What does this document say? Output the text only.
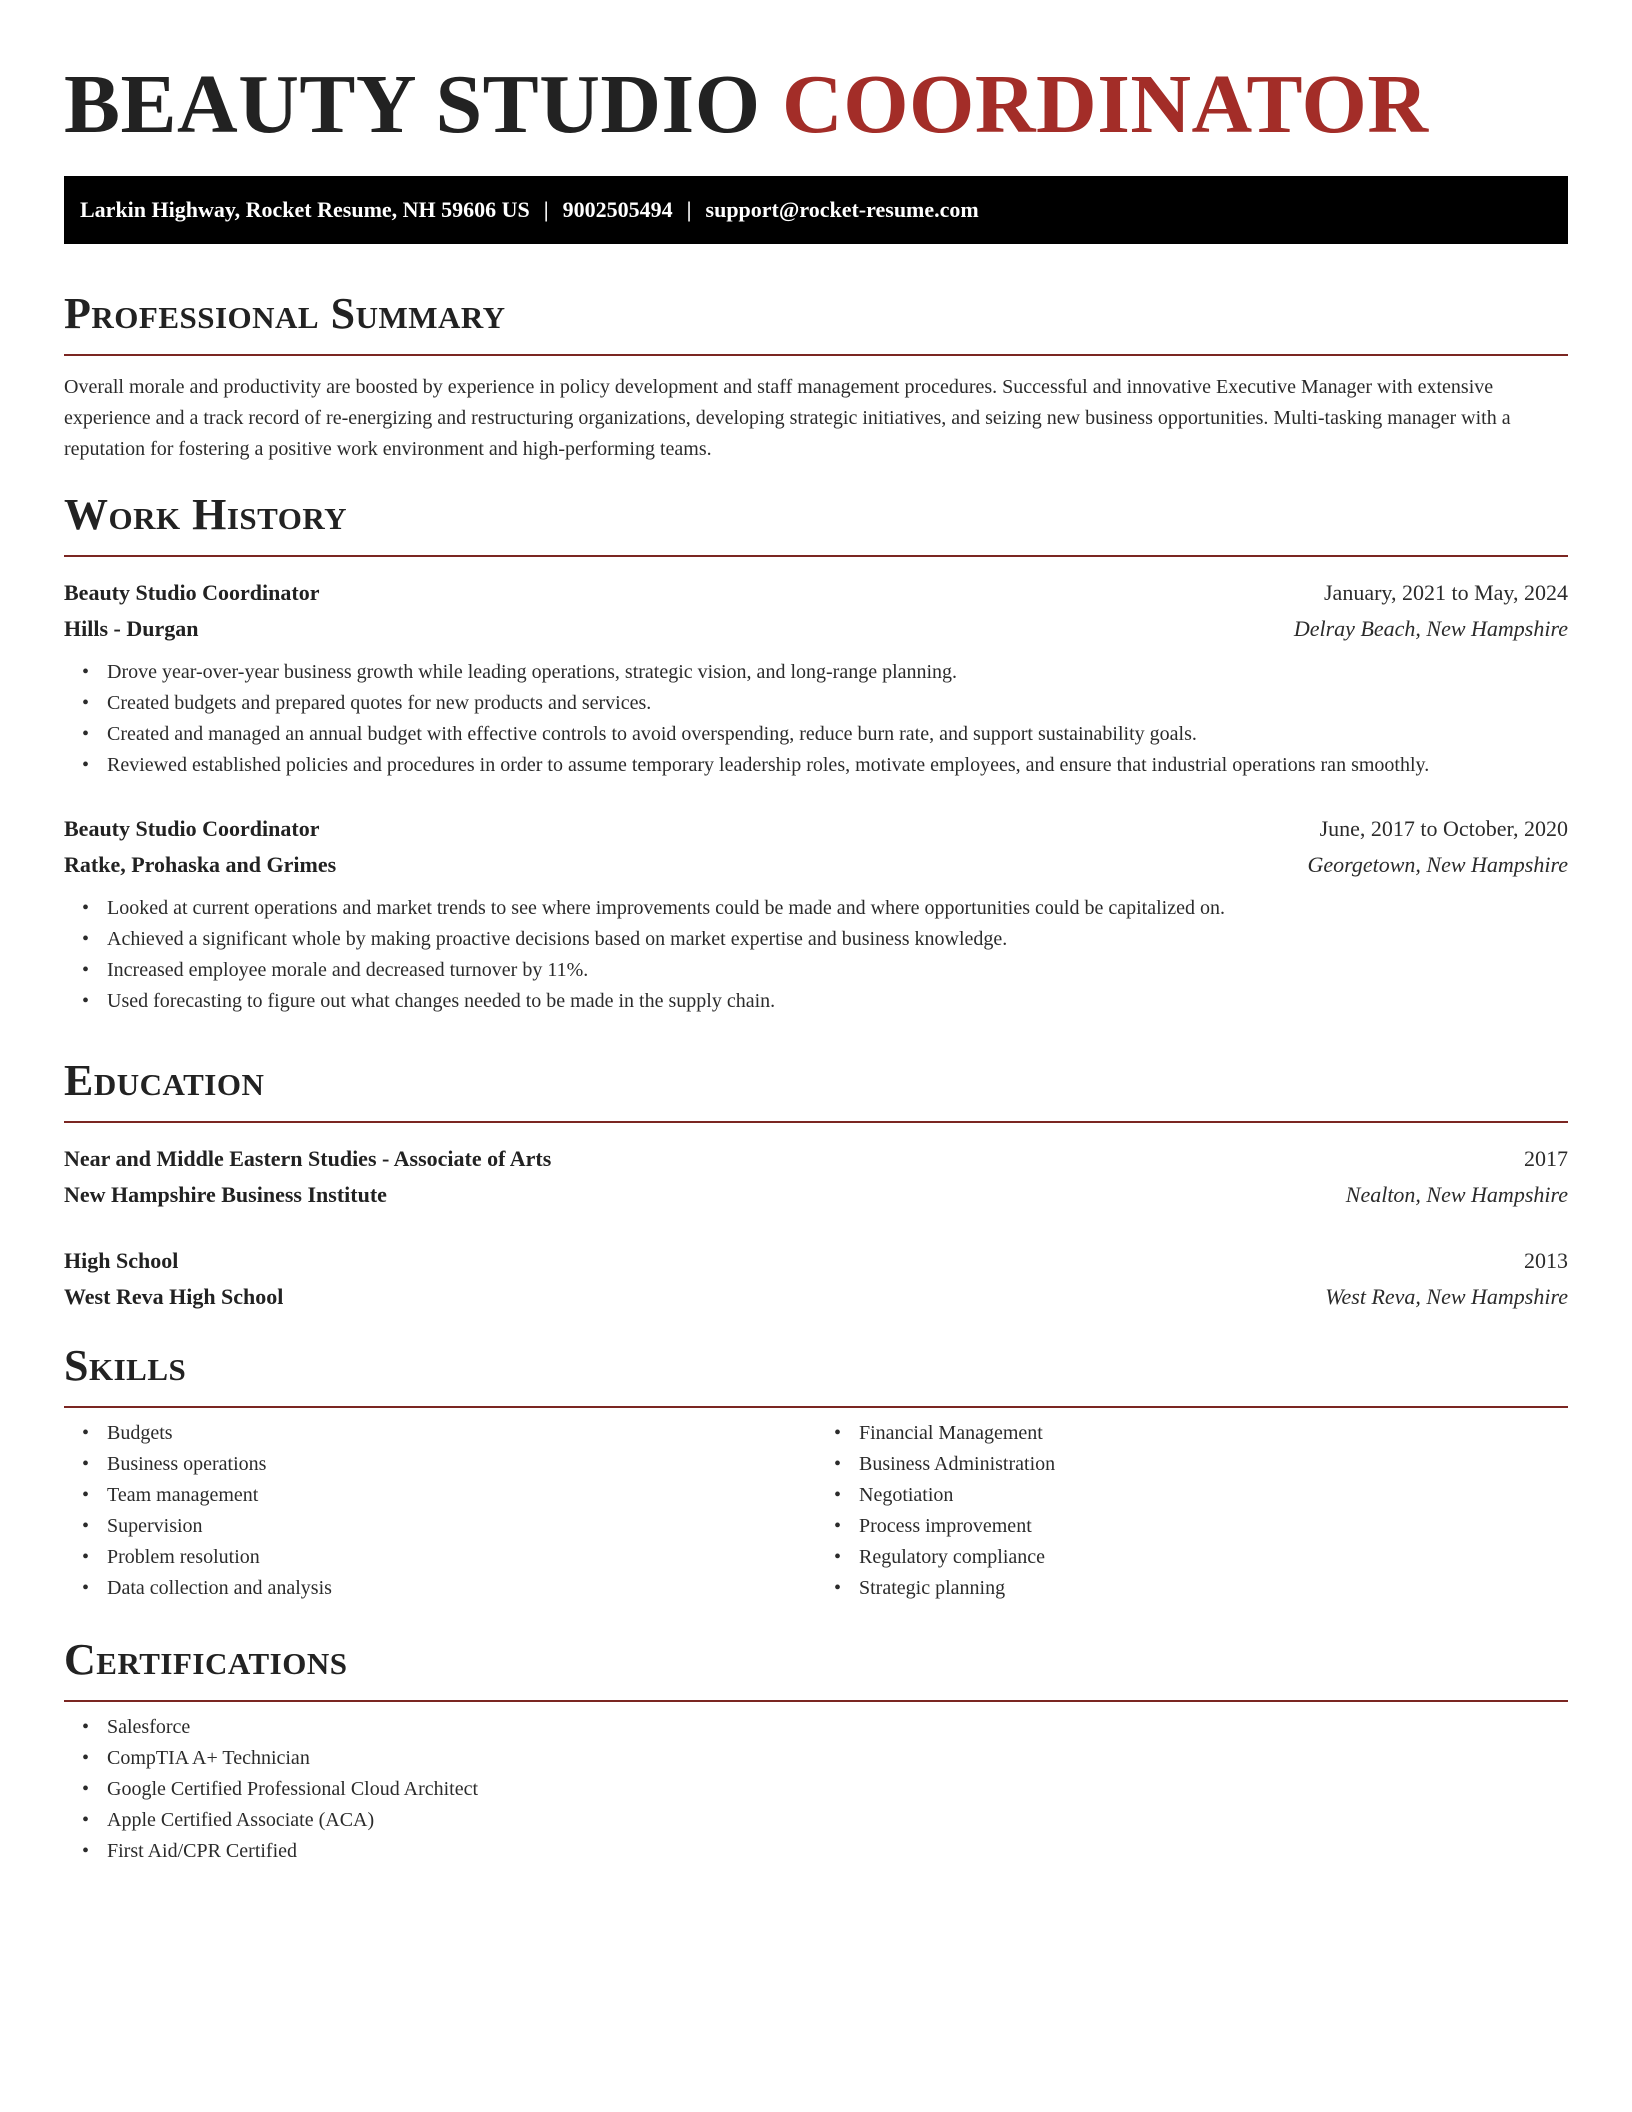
BEAUTY STUDIO COORDINATOR
Larkin Highway, Rocket Resume, NH 59606 US | 9002505494 | support@rocket-resume.com
Professional Summary

Overall morale and productivity are boosted by experience in policy development and staff management procedures. Successful and innovative Executive Manager with extensive experience and a track record of re-energizing and restructuring organizations, developing strategic initiatives, and seizing new business opportunities. Multi-tasking manager with a reputation for fostering a positive work environment and high-performing teams.

Work History
Beauty Studio Coordinator	January, 2021 to May, 2024
Hills - Durgan	Delray Beach, New Hampshire
• Drove year-over-year business growth while leading operations, strategic vision, and long-range planning.
• Created budgets and prepared quotes for new products and services.
• Created and managed an annual budget with effective controls to avoid overspending, reduce burn rate, and support sustainability goals.
• Reviewed established policies and procedures in order to assume temporary leadership roles, motivate employees, and ensure that industrial operations ran smoothly.
Beauty Studio Coordinator	June, 2017 to October, 2020
Ratke, Prohaska and Grimes	Georgetown, New Hampshire
• Looked at current operations and market trends to see where improvements could be made and where opportunities could be capitalized on.
• Achieved a significant whole by making proactive decisions based on market expertise and business knowledge.
• Increased employee morale and decreased turnover by 11%.
• Used forecasting to figure out what changes needed to be made in the supply chain.
Education
Near and Middle Eastern Studies - Associate of Arts	2017
New Hampshire Business Institute	Nealton, New Hampshire
High School	2013
West Reva High School	West Reva, New Hampshire
Skills
• Budgets
• Business operations
• Team management
• Supervision
• Problem resolution
• Data collection and analysis
• Financial Management
• Business Administration
• Negotiation
• Process improvement
• Regulatory compliance
• Strategic planning
Certifications
• Salesforce
• CompTIA A+ Technician
• Google Certified Professional Cloud Architect
• Apple Certified Associate (ACA)
• First Aid/CPR Certified
